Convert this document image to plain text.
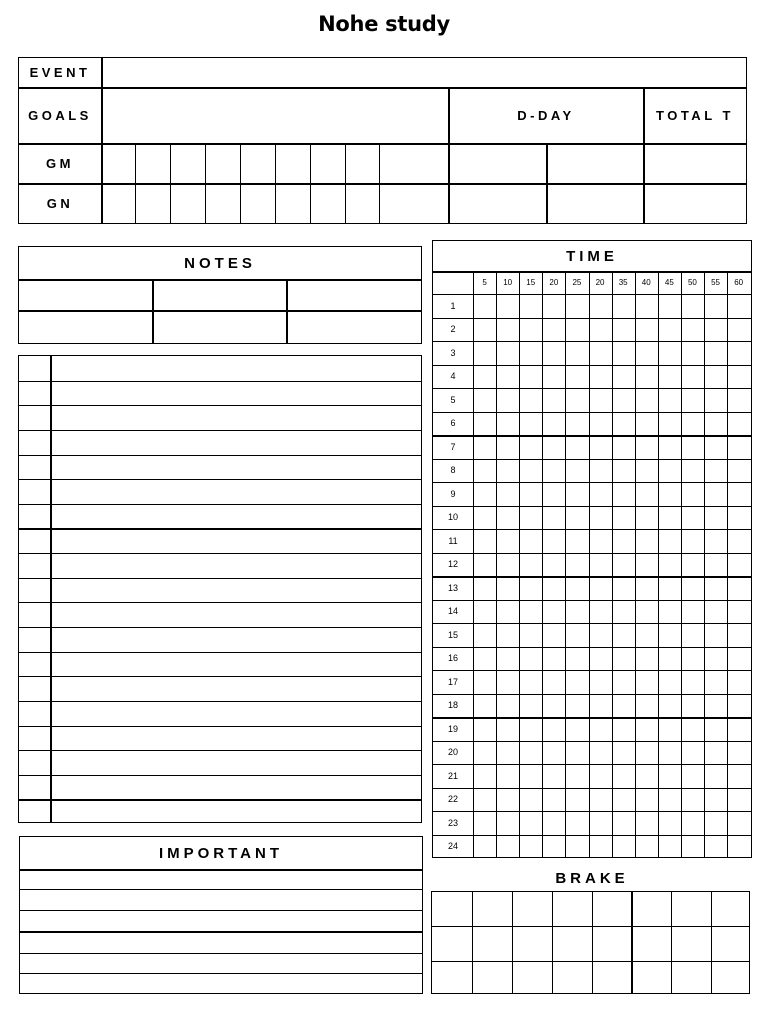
Nohe study
EVENT
GOALS	D-DAY	TOTAL T
GM
GN
NOTES
IMPORTANT
TIME
5	10	15	20	25	20	35	40	45	50	55	60
1
2
3
4
5
6
7
8
9
10
11
12
13
14
15
16
17
18
19
20
21
22
23
24
BRAKE
